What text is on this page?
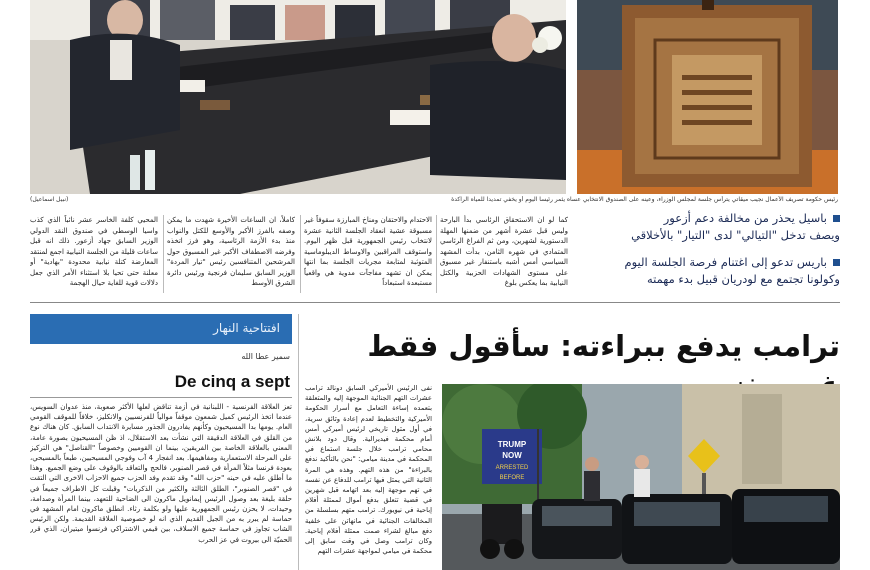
رئيس حكومة تصريف الأعمال نجيب ميقاتي يترأس جلسة لمجلس الوزراء، وعينه على الصندوق الانتخابي عساه يثمر رئيساً اليوم أو يخفي تمديداً للمياه الراكدة
(نبيل اسماعيل)
باسيل يحذر من مخالفة دعم أزعور
ويصف تدخل "التيالي" لدى "التيار" بالأخلاقي
باريس تدعو إلى اغتنام فرصة الجلسة اليوم
وكولونا تجتمع مع لودريان قبيل بدء مهمته
كما لو ان الاستحقاق الرئاسي بدأ البارحة وليس قبل عشرة أشهر من ضمنها المهلة الدستورية لشهرين، ومن ثم الفراغ الرئاسي المتمادي في شهره الثامن، بدأت المشهد السياسي أمس أشبه باستنفار غير مسبوق على مستوى الشهادات الحزبية والكتل النيابية بما يعكس بلوغ
الاحتدام والاحتقان ومناخ المبارزة سقوفاً غير مسبوقة عشية انعقاد الجلسة الثانية عشرة لانتخاب رئيس الجمهورية قبل ظهر اليوم. واستوقف المراقبين والاوساط الديبلوماسية المتوثبة لمتابعة مجريات الجلسة بما انتها يمكن ان تشهد مفاجآت مدوية هي واقعياً مستبعدة استبعاداً
كاملاً، ان الساعات الأخيرة شهدت ما يمكن وصفه بالفرز الأكبر والأوسع للكتل والنواب منذ بدء الأزمة الرئاسية، وهو فرز اتخذه وفرضه الاصطفاف الأكبر غير المسبوق حول المرشحين المتنافسين رئيس "تيار المردة" الوزير السابق سليمان فرنجية ورئيس دائرة الشرق الأوسط
المحيي كلفة الخاسر عشر نائباً الذي كذب واسيا الوسطي في صندوق النقد الدولي الوزير السابق جهاد أزعور. ذلك انه قبل ساعات قليلة من الجلسة النيابية اجمع لمنتقد المعارضة كتلة نيابية محدودة "بهادية" أو معلنة حتى تحيا بلا استثناء الأمر الذي جعل دلالات قوية للغاية حيال الهجمة
افتتاحية النهار
سمير عطا الله
De cinq a sept
تعز العلاقة الفرنسية - اللبنانية في أزمة تناقض لعلها الأكثر صعوبة، منذ عدوان السويس، عندما اتخذ الرئيس كميل شمعون موقفاً موالياً للفرنسيين والانكليز، خلافاً للموقف القومي العام. يومها بدا المسيحيون وكأنهم يفادرون الجذور مسايرة الانتداب السابق. كان هناك نوع من القلق في العلاقة الدقيقة التي نشأت بعد الاستقلال، اذ ظن المسيحيون بصورة عامة، المعني بالعلاقة الخاصة بين الفريقين، بينما ان القوميين وخصوصاً "القناصل" هي التركيز على المرحلة الاستعمارية ومفاهيمها. بعد انفجار 4 آب وفوجي المسيحيين، طبعاً بالمسيحي، بعودة فرنسا مثلاً المرأة في قصر الصنوبر، فالحج والتعاقد بالوقوف على وضع الجميع. وهذا ما أطلق عليه في حينه "حزب الله" وقد تقدم وفد الحزب جميع الاحزاب الاخرى التي التقت في "قصر الصنوبر"، الطلق الثالثة والكثير من الذكريات" وقبلت كل الاطراف جميعاً في حلقة بليغة بعد وصول الرئيس إيمانويل ماكرون الى الضاحية للتعهد، بينما المرأة وصدامة، وحيدات، لا يحزن رئيس الجمهورية عليها ولو بكلمة رثاء. انطلق ماكرون امام المشهد في حماسة لم يبرر به من الجيل القديم الذي انه لو خصوصية العلاقة القديمة. ولكن الرئيس الشاب تجاوز في حماسة جميع الاسلاف، بين قيمي الاشتراكي فرنسوا ميتيران، الذي قرر الحميّة الى بيروت في عز الحرب
ترامب يدفع ببراءته: سأقول فقط
نفى الرئيس الأميركي السابق دونالد ترامب عشرات التهم الجنائية الموجهة إليه والمتعلقة بتعمده إساءة التعامل مع أسرار الحكومة الأميركية والتخطيط لعدم إعادة وثائق سرية، في أول مثول تاريخي لرئيس أميركي أمس أمام محكمة فيديرالية. وقال دود بلانش محامي ترامب خلال جلسة استماع في المحكمة في مدينة ميامي: "نحن بالتأكيد ندفع بالبراءة" من هذه التهم. وهذه هي المرة الثانية التي يمثل فيها ترامب للدفاع عن نفسه في تهم موجهة إليه بعد اتهامه قبل شهرين في قضية تتعلق بدفع أموال لممثلة أفلام إباحية في نيويورك. ترامب متهم بسلسلة من المخالفات الجنائية في مانهاتن على خلفية دفع مبالغ لشراء صمت ممثلة أفلام إباحية. وكان ترامب وصل في وقت سابق إلى محكمة في ميامي لمواجهة عشرات التهم
TRUMP
NOW
ARRESTED
BEFORE
